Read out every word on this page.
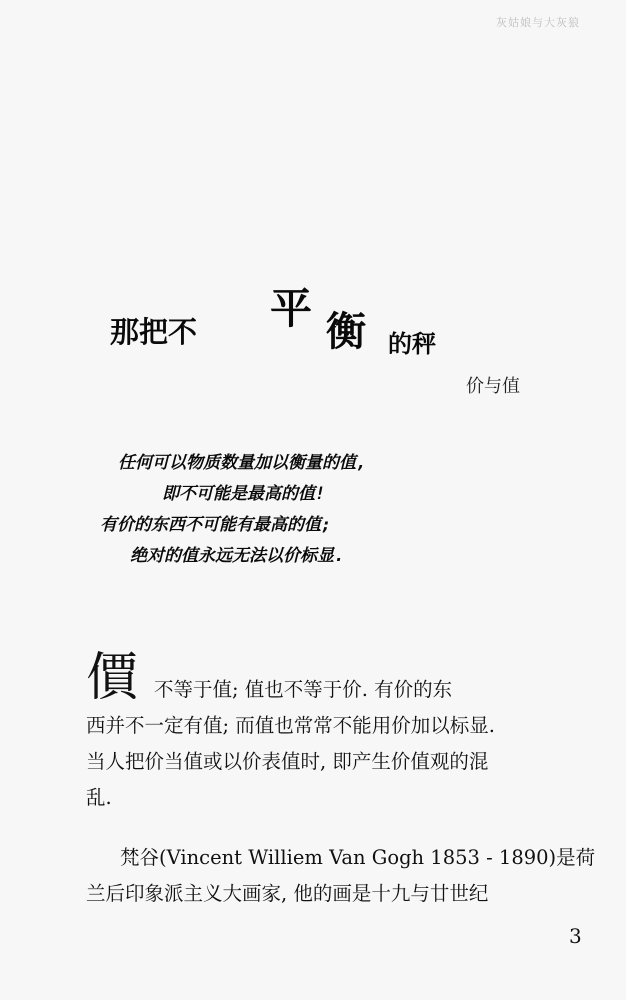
灰姑娘与大灰狼
那把不 平 衡 的秤
价与值
任何可以物质数量加以衡量的值,
即不可能是最高的值!
有价的东西不可能有最高的值;
绝对的值永远无法以价标显.
價 不等于值; 值也不等于价. 有价的东
西并不一定有值; 而值也常常不能用价加以标显.
当人把价当值或以价表值时, 即产生价值观的混
乱.
梵谷(Vincent Williem Van Gogh 1853 - 1890)是荷
兰后印象派主义大画家, 他的画是十九与廿世纪
3
